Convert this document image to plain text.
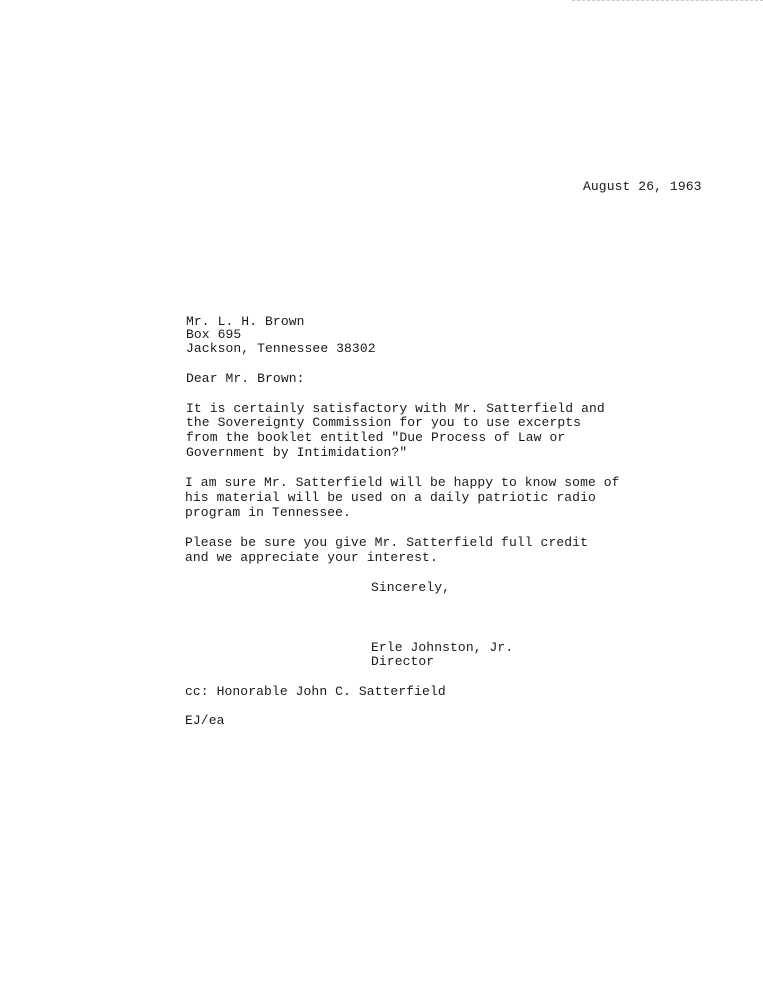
August 26, 1963
Mr. L. H. Brown
Box 695
Jackson, Tennessee 38302
Dear Mr. Brown:
It is certainly satisfactory with Mr. Satterfield and
the Sovereignty Commission for you to use excerpts
from the booklet entitled "Due Process of Law or
Government by Intimidation?"
I am sure Mr. Satterfield will be happy to know some of
his material will be used on a daily patriotic radio
program in Tennessee.
Please be sure you give Mr. Satterfield full credit
and we appreciate your interest.
Sincerely,
Erle Johnston, Jr.
Director
cc: Honorable John C. Satterfield
EJ/ea
